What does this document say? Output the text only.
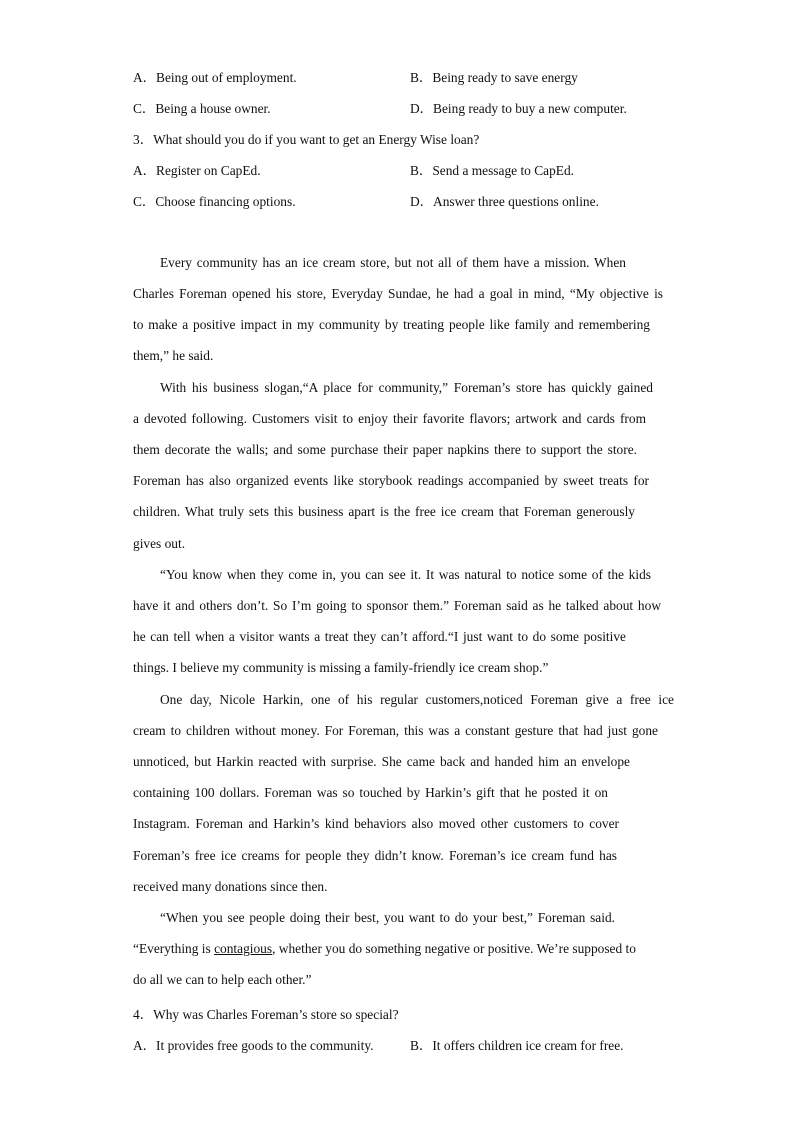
A．Being out of employment.	B．Being ready to save energy
C．Being a house owner.	D．Being ready to buy a new computer.
3．What should you do if you want to get an Energy Wise loan?
A．Register on CapEd.	B．Send a message to CapEd.
C．Choose financing options.	D．Answer three questions online.
Every community has an ice cream store, but not all of them have a mission. When
Charles Foreman opened his store, Everyday Sundae, he had a goal in mind, “My objective is
to make a positive impact in my community by treating people like family and remembering
them,” he said.
With his business slogan,“A place for community,” Foreman’s store has quickly gained
a devoted following. Customers visit to enjoy their favorite flavors; artwork and cards from
them decorate the walls; and some purchase their paper napkins there to support the store.
Foreman has also organized events like storybook readings accompanied by sweet treats for
children. What truly sets this business apart is the free ice cream that Foreman generously
gives out.
“You know when they come in, you can see it. It was natural to notice some of the kids
have it and others don’t. So I’m going to sponsor them.” Foreman said as he talked about how
he can tell when a visitor wants a treat they can’t afford.“I just want to do some positive
things. I believe my community is missing a family-friendly ice cream shop.”
One day, Nicole Harkin, one of his regular customers,noticed Foreman give a free ice
cream to children without money. For Foreman, this was a constant gesture that had just gone
unnoticed, but Harkin reacted with surprise. She came back and handed him an envelope
containing 100 dollars. Foreman was so touched by Harkin’s gift that he posted it on
Instagram. Foreman and Harkin’s kind behaviors also moved other customers to cover
Foreman’s free ice creams for people they didn’t know. Foreman’s ice cream fund has
received many donations since then.
“When you see people doing their best, you want to do your best,” Foreman said.
“Everything is contagious, whether you do something negative or positive. We’re supposed to
do all we can to help each other.”
4．Why was Charles Foreman’s store so special?
A．It provides free goods to the community.	B．It offers children ice cream for free.
